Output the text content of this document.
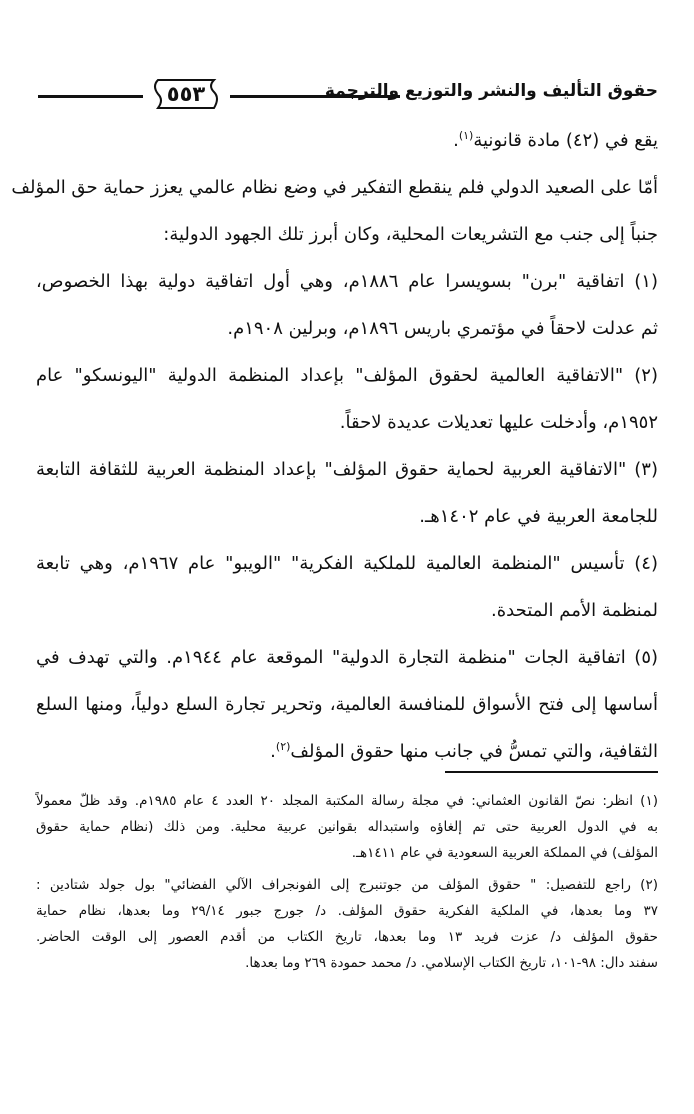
٥٥٣	حقوق التأليف والنشر والتوزيع والترجمة
يقع في (٤٢) مادة قانونية$^{(١)}$.
أمّا على الصعيد الدولي فلم ينقطع التفكير في وضع نظام عالمي يعزز حماية حق المؤلف
جنباً إلى جنب مع التشريعات المحلية، وكان أبرز تلك الجهود الدولية:
(١) اتفاقية "برن" بسويسرا عام ١٨٨٦م، وهي أول اتفاقية دولية بهذا الخصوص،
ثم عدلت لاحقاً في مؤتمري باريس ١٨٩٦م، وبرلين ١٩٠٨م.
(٢) "الاتفاقية العالمية لحقوق المؤلف" بإعداد المنظمة الدولية "اليونسكو" عام
١٩٥٢م، وأدخلت عليها تعديلات عديدة لاحقاً.
(٣) "الاتفاقية العربية لحماية حقوق المؤلف" بإعداد المنظمة العربية للثقافة التابعة
للجامعة العربية في عام ١٤٠٢هـ.
(٤) تأسيس "المنظمة العالمية للملكية الفكرية" "الويبو" عام ١٩٦٧م، وهي تابعة
لمنظمة الأمم المتحدة.
(٥) اتفاقية الجات "منظمة التجارة الدولية" الموقعة عام ١٩٤٤م. والتي تهدف في
أساسها إلى فتح الأسواق للمنافسة العالمية، وتحرير تجارة السلع دولياً، ومنها السلع
الثقافية، والتي تمسُّ في جانب منها حقوق المؤلف$^{(٢)}$.
(١) انظر: نصّ القانون العثماني: في مجلة رسالة المكتبة المجلد ٢٠ العدد ٤ عام ١٩٨٥م. وقد ظلّ معمولاً
به في الدول العربية حتى تم إلغاؤه واستبداله بقوانين عربية محلية. ومن ذلك (نظام حماية حقوق
المؤلف) في المملكة العربية السعودية في عام ١٤١١هـ.
(٢) راجع للتفصيل: " حقوق المؤلف من جوتنبرج إلى الفونجراف الآلي الفضائي" بول جولد شتادين :
٣٧ وما بعدها، في الملكية الفكرية حقوق المؤلف. د/ جورج جبور ٢٩/١٤ وما بعدها، نظام حماية
حقوق المؤلف د/ عزت فريد ١٣ وما بعدها، تاريخ الكتاب من أقدم العصور إلى الوقت الحاضر.
سفند دال: ٩٨-١٠١، تاريخ الكتاب الإسلامي. د/ محمد حمودة ٢٦٩ وما بعدها.
